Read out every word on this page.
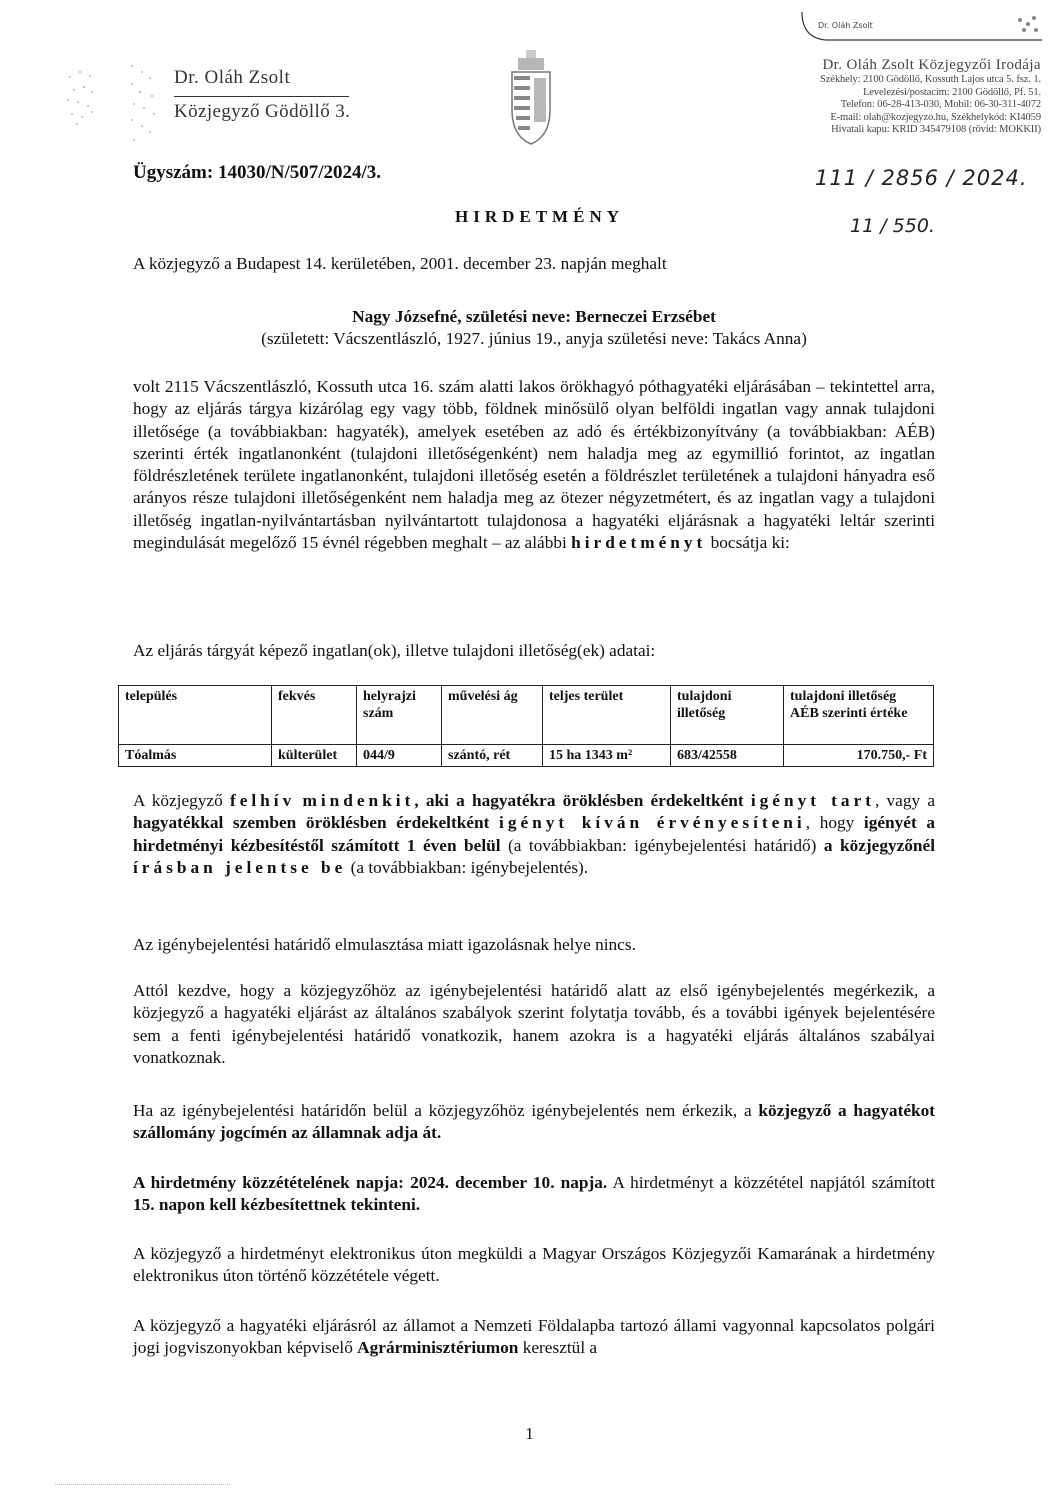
Dr. Oláh Zsolt
Közjegyző Gödöllő 3.
Dr. Oláh Zsolt
Dr. Oláh Zsolt Közjegyzői Irodája
Székhely: 2100 Gödöllő, Kossuth Lajos utca 5. fsz. 1.
Levelezési/postacím: 2100 Gödöllő, Pf. 51.
Telefon: 06-28-413-030, Mobil: 06-30-311-4072
E-mail: olah@kozjegyzo.hu, Székhelykód: KI4059
Hivatali kapu: KRID 345479108 (rövid: MOKKII)
Ügyszám: 14030/N/507/2024/3.	111 / 2856 / 2024.
11 / 550.
HIRDETMÉNY
A közjegyző a Budapest 14. kerületében, 2001. december 23. napján meghalt
Nagy Józsefné, születési neve: Berneczei Erzsébet
(született: Vácszentlászló, 1927. június 19., anyja születési neve: Takács Anna)
volt 2115 Vácszentlászló, Kossuth utca 16. szám alatti lakos örökhagyó póthagyatéki eljárásában – tekintettel arra, hogy az eljárás tárgya kizárólag egy vagy több, földnek minősülő olyan belföldi ingatlan vagy annak tulajdoni illetősége (a továbbiakban: hagyaték), amelyek esetében az adó és értékbizonyítvány (a továbbiakban: AÉB) szerinti érték ingatlanonként (tulajdoni illetőségenként) nem haladja meg az egymillió forintot, az ingatlan földrészletének területe ingatlanonként, tulajdoni illetőség esetén a földrészlet területének a tulajdoni hányadra eső arányos része tulajdoni illetőségenként nem haladja meg az ötezer négyzetmétert, és az ingatlan vagy a tulajdoni illetőség ingatlan-nyilvántartásban nyilvántartott tulajdonosa a hagyatéki eljárásnak a hagyatéki leltár szerinti megindulását megelőző 15 évnél régebben meghalt – az alábbi hirdetményt bocsátja ki:
Az eljárás tárgyát képező ingatlan(ok), illetve tulajdoni illetőség(ek) adatai:
település	fekvés	helyrajzi szám	művelési ág	teljes terület	tulajdoni illetőség	tulajdoni illetőség AÉB szerinti értéke
Tóalmás	külterület	044/9	szántó, rét	15 ha 1343 m²	683/42558	170.750,- Ft
A közjegyző felhív mindenkit, aki a hagyatékra öröklésben érdekeltként igényt tart, vagy a hagyatékkal szemben öröklésben érdekeltként igényt kíván érvényesíteni, hogy igényét a hirdetményi kézbesítéstől számított 1 éven belül (a továbbiakban: igénybejelentési határidő) a közjegyzőnél írásban jelentse be (a továbbiakban: igénybejelentés).
Az igénybejelentési határidő elmulasztása miatt igazolásnak helye nincs.
Attól kezdve, hogy a közjegyzőhöz az igénybejelentési határidő alatt az első igénybejelentés megérkezik, a közjegyző a hagyatéki eljárást az általános szabályok szerint folytatja tovább, és a további igények bejelentésére sem a fenti igénybejelentési határidő vonatkozik, hanem azokra is a hagyatéki eljárás általános szabályai vonatkoznak.
Ha az igénybejelentési határidőn belül a közjegyzőhöz igénybejelentés nem érkezik, a közjegyző a hagyatékot szállomány jogcímén az államnak adja át.
A hirdetmény közzétételének napja: 2024. december 10. napja. A hirdetményt a közzététel napjától számított 15. napon kell kézbesítettnek tekinteni.
A közjegyző a hirdetményt elektronikus úton megküldi a Magyar Országos Közjegyzői Kamarának a hirdetmény elektronikus úton történő közzététele végett.
A közjegyző a hagyatéki eljárásról az államot a Nemzeti Földalapba tartozó állami vagyonnal kapcsolatos polgári jogi jogviszonyokban képviselő Agrárminisztériumon keresztül a
1
